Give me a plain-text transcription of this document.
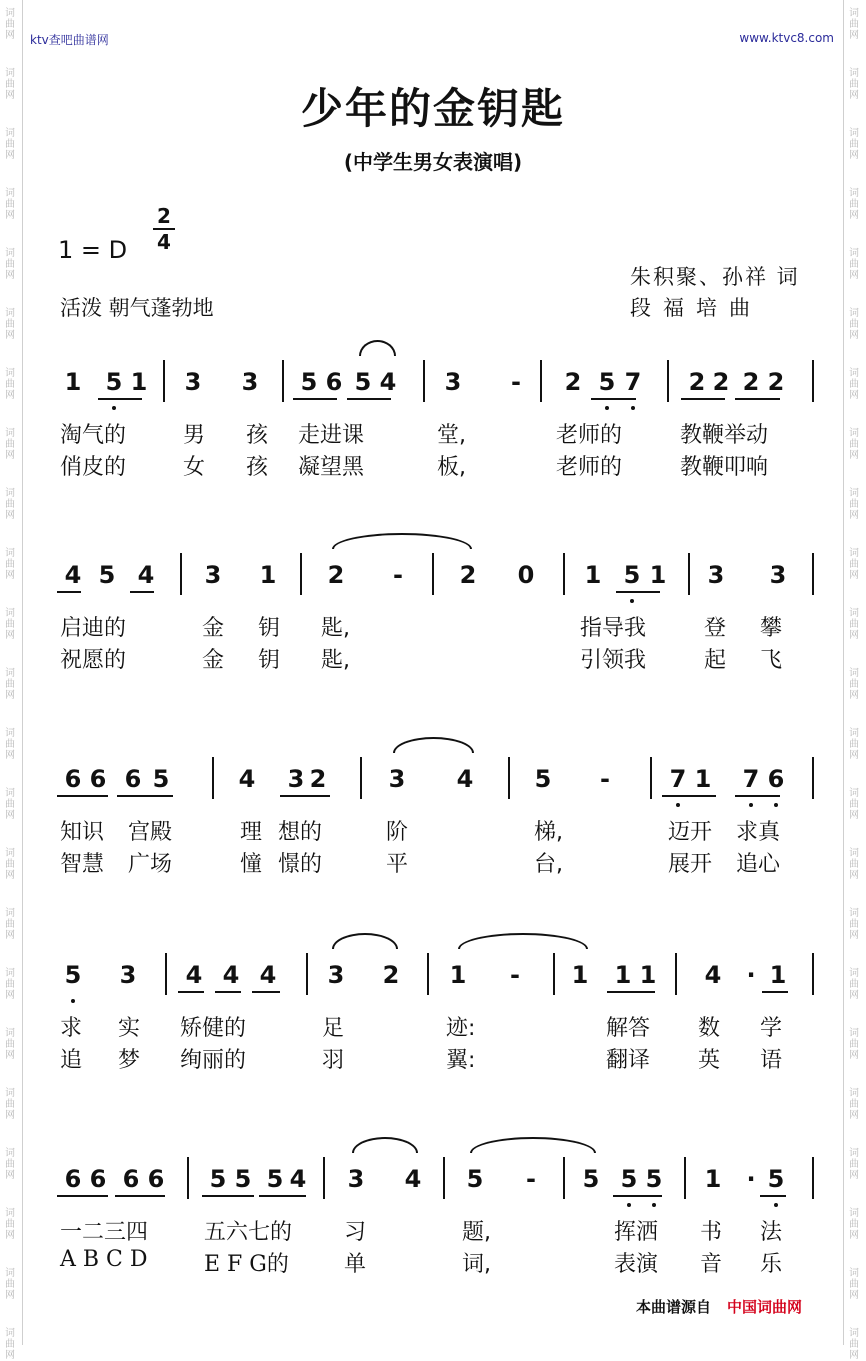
词
曲
网
词
曲
网
词
曲
网
词
曲
网
词
曲
网
词
曲
网
词
曲
网
词
曲
网
词
曲
网
词
曲
网
词
曲
网
词
曲
网
词
曲
网
词
曲
网
词
曲
网
词
曲
网
词
曲
网
词
曲
网
词
曲
网
词
曲
网
词
曲
网
词
曲
网
词
曲
网
词
曲
网
词
曲
网
词
曲
网
词
曲
网
词
曲
网
词
曲
网
词
曲
网
词
曲
网
词
曲
网
词
曲
网
词
曲
网
词
曲
网
词
曲
网
词
曲
网
词
曲
网
词
曲
网
词
曲
网
词
曲
网
词
曲
网
词
曲
网
词
曲
网
词
曲
网
词
曲
网
ktv查吧曲谱网	www.ktvc8.com
少年的金钥匙
(中学生男女表演唱)
1 = D
2
4
活泼 朝气蓬勃地
朱积聚、孙祥 词
段福培曲
1 5 1 3 3 5 6 5 4 3	-	2 5 7 2 2 2 2
淘气的	男 孩 走进课	堂,	老师的	教鞭举动
俏皮的	女 孩 凝望黑	板,	老师的	教鞭叩响
4 5 4 3 1 2	-	2 0 1 5 1 3 3
启迪的	金 钥 匙,	指导我	登 攀
祝愿的	金 钥 匙,	引领我	起 飞
6 6 6 5	4 3 2	3 4	5	-	7 1 7 6
知识 宫殿	理 想的	阶	梯,	迈开 求真
智慧 广场	憧 憬的	平	台,	展开 追心
5 3 4 4 4 3 2 1	-	1 1 1 4	· 1
求 实 矫健的	足	迹:	解答 数 学
追 梦 绚丽的	羽	翼:	翻译 英 语
6 6 6 6 5 5 5 4 3 4 5	-	5 5 5 1	· 5
一二三四	五六七的 习	题,	挥洒 书 法
A B C D	E F G的	单	词,	表演 音 乐
本曲谱源自 中国词曲网
